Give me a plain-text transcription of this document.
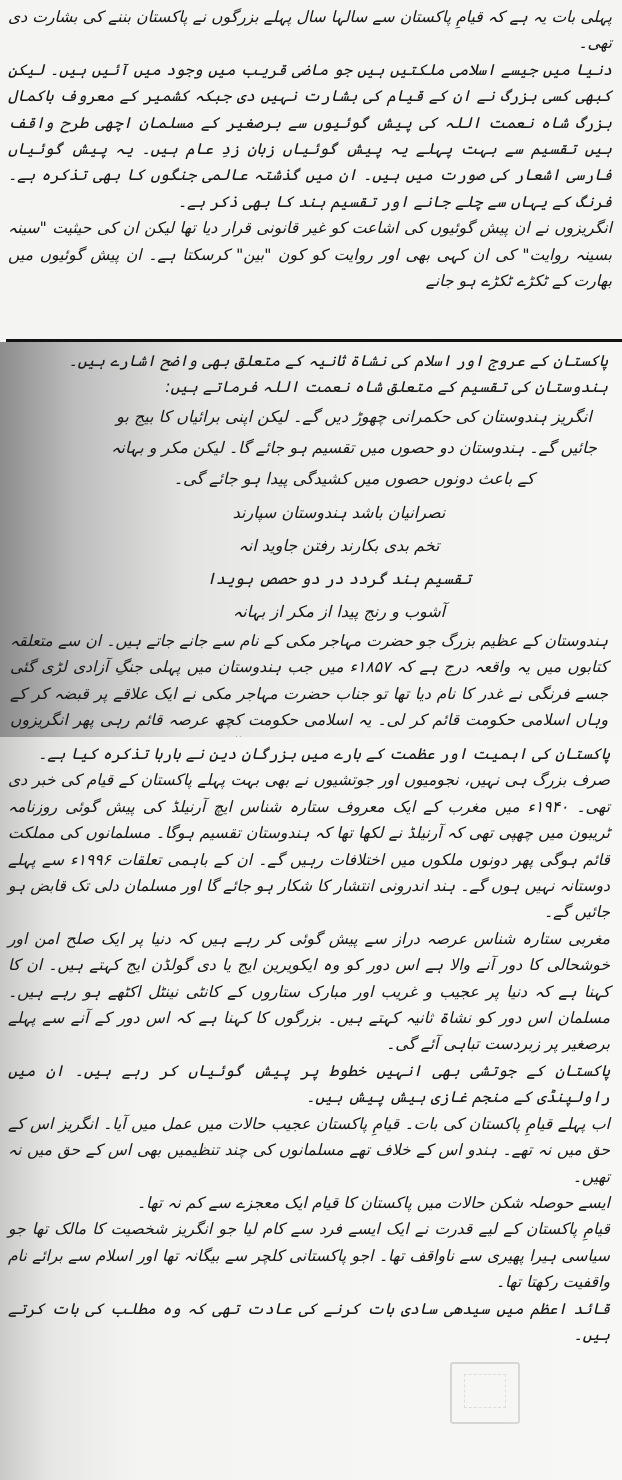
پہلی بات یہ ہے کہ قیامِ پاکستان سے سالہا سال پہلے بزرگوں نے پاکستان بننے کی بشارت دی تھی۔

دنیا میں جیسے اسلامی ملکتیں ہیں جو ماضی قریب میں وجود میں آئیں ہیں۔ لیکن کبھی کسی بزرگ نے ان کے قیام کی بشارت نہیں دی جبکہ کشمیر کے معروف باکمال بزرگ شاہ نعمت اللہ کی پیش گوئیوں سے برصغیر کے مسلمان اچھی طرح واقف ہیں تقسیم سے بہت پہلے یہ پیش گوئیاں زبان زدِ عام ہیں۔ یہ پیش گوئیاں فارسی اشعار کی صورت میں ہیں۔ ان میں گذشتہ عالمی جنگوں کا بھی تذکرہ ہے۔ فرنگ کے یہاں سے چلے جانے اور تقسیم ہند کا بھی ذکر ہے۔

انگریزوں نے ان پیش گوئیوں کی اشاعت کو غیر قانونی قرار دیا تھا لیکن ان کی حیثیت "سینہ بسینہ روایت" کی ان کہی بھی اور روایت کو کون "بین" کرسکتا ہے۔ ان پیش گوئیوں میں بھارت کے ٹکڑے ٹکڑے ہو جانے

پاکستان کے عروج اور اسلام کی نشاۃ ثانیہ کے متعلق بھی واضح اشارے ہیں۔

ہندوستان کی تقسیم کے متعلق شاہ نعمت اللہ فرماتے ہیں:

انگریز ہندوستان کی حکمرانی چھوڑ دیں گے۔ لیکن اپنی برائیاں کا بیج بو
جائیں گے۔ ہندوستان دو حصوں میں تقسیم ہو جائے گا۔ لیکن مکر و بہانہ
کے باعث دونوں حصوں میں کشیدگی پیدا ہو جائے گی۔
نصرانیان باشد ہندوستان سپارند
تخم بدی بکارند رفتن جاوید انہ
تقسیم ہند گردد در دو حصص ہویدا
آشوب و رنج پیدا از مکر از بہانہ

ہندوستان کے عظیم بزرگ جو حضرت مہاجر مکی کے نام سے جانے جاتے ہیں۔ ان سے متعلقہ کتابوں میں یہ واقعہ درج ہے کہ ۱۸۵۷ء میں جب ہندوستان میں پہلی جنگِ آزادی لڑی گئی جسے فرنگی نے غدر کا نام دیا تھا تو جناب حضرت مہاجر مکی نے ایک علاقے پر قبضہ کر کے وہاں اسلامی حکومت قائم کر لی۔ یہ اسلامی حکومت کچھ عرصہ قائم رہی پھر انگریزوں

پاکستان کی اہمیت اور عظمت کے بارے میں بزرگانِ دین نے بارہا تذکرہ کیا ہے۔

صرف بزرگ ہی نہیں، نجومیوں اور جوتشیوں نے بھی بہت پہلے پاکستان کے قیام کی خبر دی تھی۔ ۱۹۴۰ء میں مغرب کے ایک معروف ستارہ شناس ایچ آرنیلڈ کی پیش گوئی روزنامہ ٹریبون میں چھپی تھی کہ آرنیلڈ نے لکھا تھا کہ ہندوستان تقسیم ہوگا۔ مسلمانوں کی مملکت قائم ہوگی پھر دونوں ملکوں میں اختلافات رہیں گے۔ ان کے باہمی تعلقات ۱۹۹۶ء سے پہلے دوستانہ نہیں ہوں گے۔ ہند اندرونی انتشار کا شکار ہو جائے گا اور مسلمان دلی تک قابض ہو جائیں گے۔

مغربی ستارہ شناس عرصہ دراز سے پیش گوئی کر رہے ہیں کہ دنیا پر ایک صلح امن اور خوشحالی کا دور آنے والا ہے اس دور کو وہ ایکویرین ایج یا دی گولڈن ایج کہتے ہیں۔ ان کا کہنا ہے کہ دنیا پر عجیب و غریب اور مبارک ستاروں کے کانٹی نینٹل اکٹھے ہو رہے ہیں۔ مسلمان اس دور کو نشاۃ ثانیہ کہتے ہیں۔ بزرگوں کا کہنا ہے کہ اس دور کے آنے سے پہلے برصغیر پر زبردست تباہی آئے گی۔

پاکستان کے جوتشی بھی انہیں خطوط پر پیش گوئیاں کر رہے ہیں۔ ان میں راولپنڈی کے منجم غازی ہیش پیش ہیں۔

اب پہلے قیامِ پاکستان کی بات۔ قیامِ پاکستان عجیب حالات میں عمل میں آیا۔ انگریز اس کے حق میں نہ تھے۔ ہندو اس کے خلاف تھے مسلمانوں کی چند تنظیمیں بھی اس کے حق میں نہ تھیں۔

ایسے حوصلہ شکن حالات میں پاکستان کا قیام ایک معجزے سے کم نہ تھا۔

قیامِ پاکستان کے لیے قدرت نے ایک ایسے فرد سے کام لیا جو انگریز شخصیت کا مالک تھا جو سیاسی ہیرا پھیری سے ناواقف تھا۔ اجو پاکستانی کلچر سے بیگانہ تھا اور اسلام سے برائے نام واقفیت رکھتا تھا۔

قائد اعظم میں سیدھی سادی بات کرنے کی عادت تھی کہ وہ مطلب کی بات کرتے ہیں۔
